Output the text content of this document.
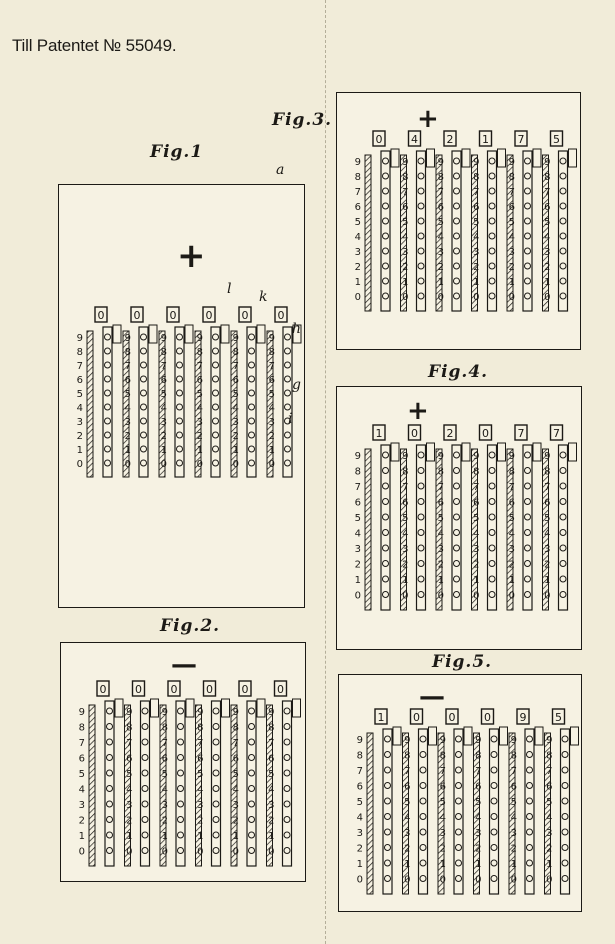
Till Patentet № 55049.
Fig.1
a
l k
h
g
i
+
0	0	0	0	0	0
9
8
7
6
5
4
3
2
1
0
9
8
7
6
5
4
3
2
1
0
9
8
7
6
5
4
3
2
1
0
9
8
7
6
5
4
3
2
1
0
9
8
7
6
5
4
3
2
1
0
9
8
7
6
5
4
3
2
1
0
Fig.2.
—
0	0	0	0	0	0
9
8
7
6
5
4
3
2
1
0
9
8
7
6
5
4
3
2
1
0
9
8
7
6
5
4
3
2
1
0
9
8
7
6
5
4
3
2
1
0
9
8
7
6
5
4
3
2
1
0
9
8
7
6
5
4
3
2
1
0
Fig.3.	+
0	4	2	1	7	5
9
8
7
6
5
4
3
2
1
0
9
8
7
6
5
4
3
2
1
0
9
8
7
6
5
4
3
2
1
0
9
8
7
6
5
4
3
2
1
0
9
8
7
6
5
4
3
2
1
0
9
8
7
6
5
4
3
2
1
0
Fig.4.
+
1	0	2	0	7	7
9
8
7
6
5
4
3
2
1
0
9
8
7
6
5
4
3
2
1
0
9
8
7
6
5
4
3
2
1
0
9
8
7
6
5
4
3
2
1
0
9
8
7
6
5
4
3
2
1
0
9
8
7
6
5
4
3
2
1
0
Fig.5.
—
1	0	0	0	9	5
9
8
7
6
5
4
3
2
1
0
9
8
7
6
5
4
3
2
1
0
9
8
7
6
5
4
3
2
1
0
9
8
7
6
5
4
3
2
1
0
9
8
7
6
5
4
3
2
1
0
9
8
7
6
5
4
3
2
1
0
